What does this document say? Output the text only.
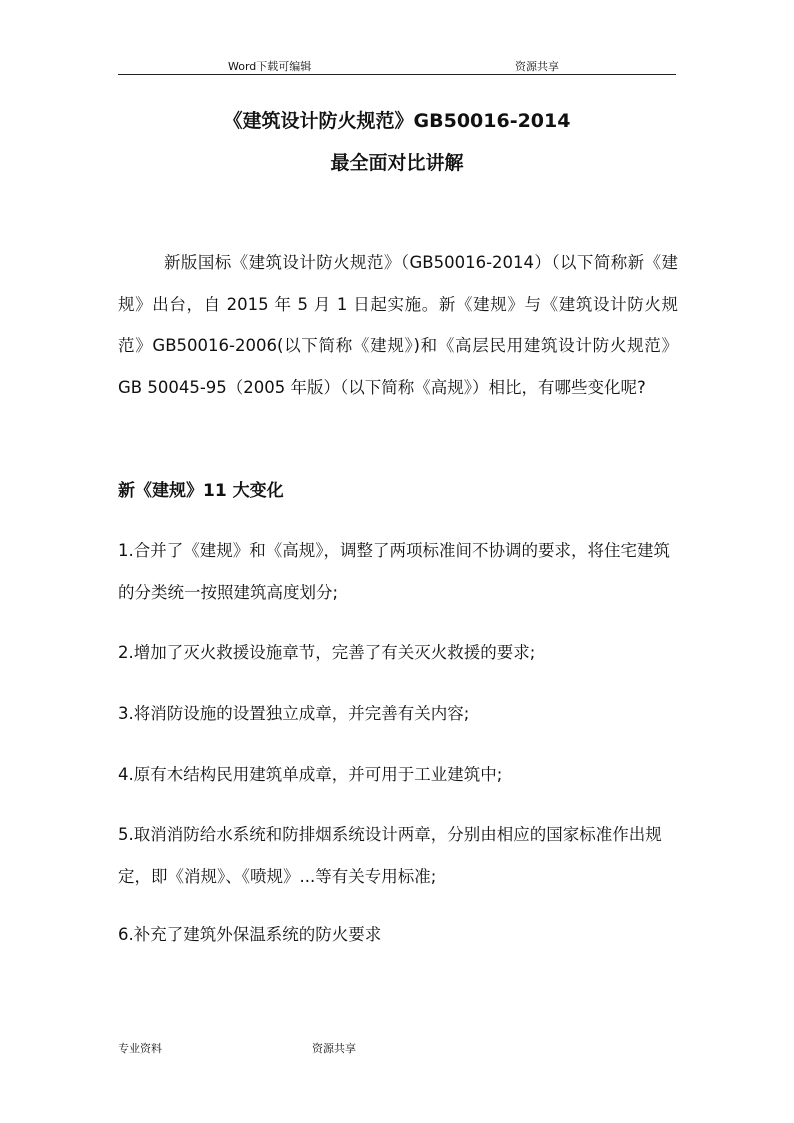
Word下载可编辑	资源共享
《建筑设计防火规范》GB50016-2014
最全面对比讲解
新版国标《建筑设计防火规范》（GB50016-2014）（以下简称新《建规》出台，自 2015 年 5 月 1 日起实施。新《建规》与《建筑设计防火规范》GB50016-2006(以下简称《建规》)和《高层民用建筑设计防火规范》GB 50045-95（2005 年版）（以下简称《高规》）相比，有哪些变化呢?
新《建规》11 大变化
1.合并了《建规》和《高规》，调整了两项标准间不协调的要求，将住宅建筑的分类统一按照建筑高度划分;
2.增加了灭火救援设施章节，完善了有关灭火救援的要求;
3.将消防设施的设置独立成章，并完善有关内容;
4.原有木结构民用建筑单成章，并可用于工业建筑中;
5.取消消防给水系统和防排烟系统设计两章，分别由相应的国家标准作出规定，即《消规》、《喷规》...等有关专用标准;
6.补充了建筑外保温系统的防火要求
专业资料	资源共享
